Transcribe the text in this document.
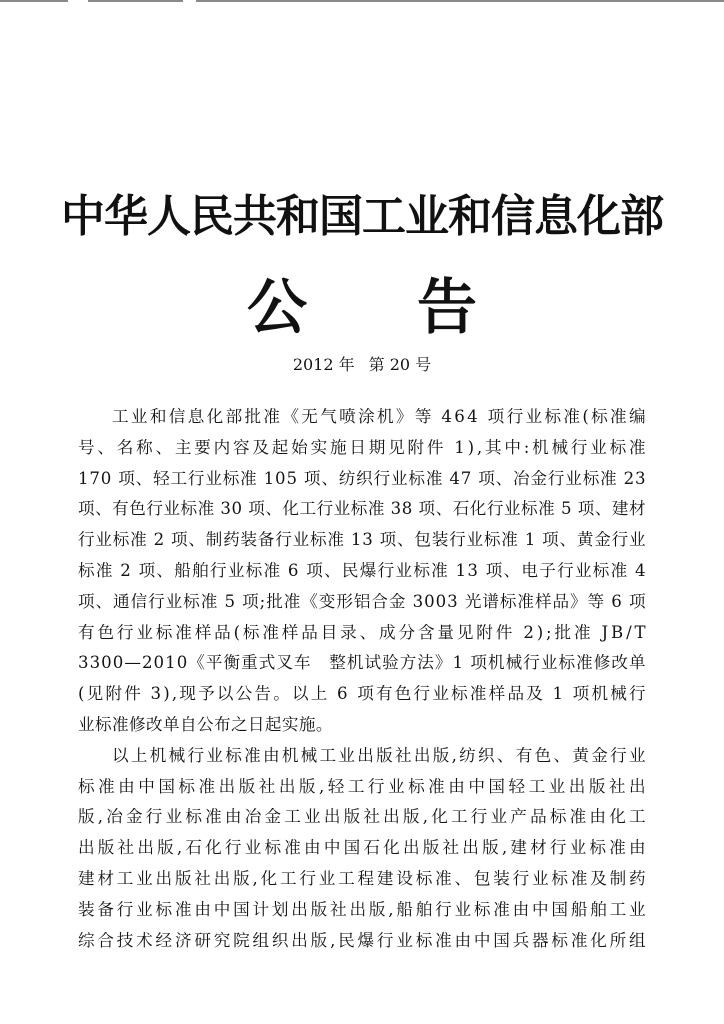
中华人民共和国工业和信息化部
公 告
2012 年 第 20 号
工业和信息化部批准《无气喷涂机》等 464 项行业标准(标准编
号、名称、主要内容及起始实施日期见附件 1),其中:机械行业标准
170 项、轻工行业标准 105 项、纺织行业标准 47 项、冶金行业标准 23
项、有色行业标准 30 项、化工行业标准 38 项、石化行业标准 5 项、建材
行业标准 2 项、制药装备行业标准 13 项、包装行业标准 1 项、黄金行业
标准 2 项、船舶行业标准 6 项、民爆行业标准 13 项、电子行业标准 4
项、通信行业标准 5 项;批准《变形铝合金 3003 光谱标准样品》等 6 项
有色行业标准样品(标准样品目录、成分含量见附件 2);批准 JB/T
3300—2010《平衡重式叉车　整机试验方法》1 项机械行业标准修改单
(见附件 3),现予以公告。以上 6 项有色行业标准样品及 1 项机械行
业标准修改单自公布之日起实施。
以上机械行业标准由机械工业出版社出版,纺织、有色、黄金行业
标准由中国标准出版社出版,轻工行业标准由中国轻工业出版社出
版,冶金行业标准由冶金工业出版社出版,化工行业产品标准由化工
出版社出版,石化行业标准由中国石化出版社出版,建材行业标准由
建材工业出版社出版,化工行业工程建设标准、包装行业标准及制药
装备行业标准由中国计划出版社出版,船舶行业标准由中国船舶工业
综合技术经济研究院组织出版,民爆行业标准由中国兵器标准化所组
